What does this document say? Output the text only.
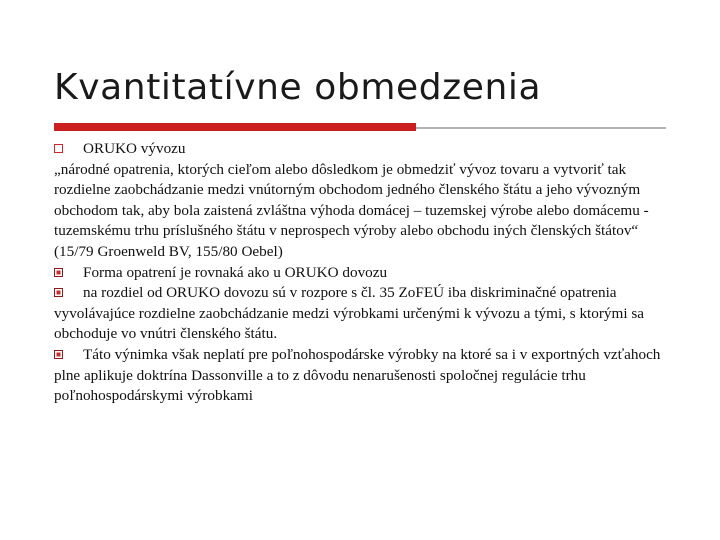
Kvantitatívne obmedzenia

ORUKO vývozu
„národné opatrenia, ktorých cieľom alebo dôsledkom je obmedziť vývoz tovaru a vytvoriť tak rozdielne zaobchádzanie medzi vnútorným obchodom jedného členského štátu a jeho vývozným obchodom tak, aby bola zaistená zvláštna výhoda domácej – tuzemskej výrobe alebo domácemu - tuzemskému trhu príslušného štátu v neprospech výroby alebo obchodu iných členských štátov“ (15/79 Groenweld BV, 155/80 Oebel)

Forma opatrení je rovnaká ako u ORUKO dovozu

na rozdiel od ORUKO dovozu sú v rozpore s čl. 35 ZoFEÚ iba diskriminačné opatrenia vyvolávajúce rozdielne zaobchádzanie medzi výrobkami určenými k vývozu a tými, s ktorými sa obchoduje vo vnútri členského štátu.

Táto výnimka však neplatí pre poľnohospodárske výrobky na ktoré sa i v exportných vzťahoch plne aplikuje doktrína Dassonville a to z dôvodu nenarušenosti spoločnej regulácie trhu poľnohospodárskymi výrobkami
